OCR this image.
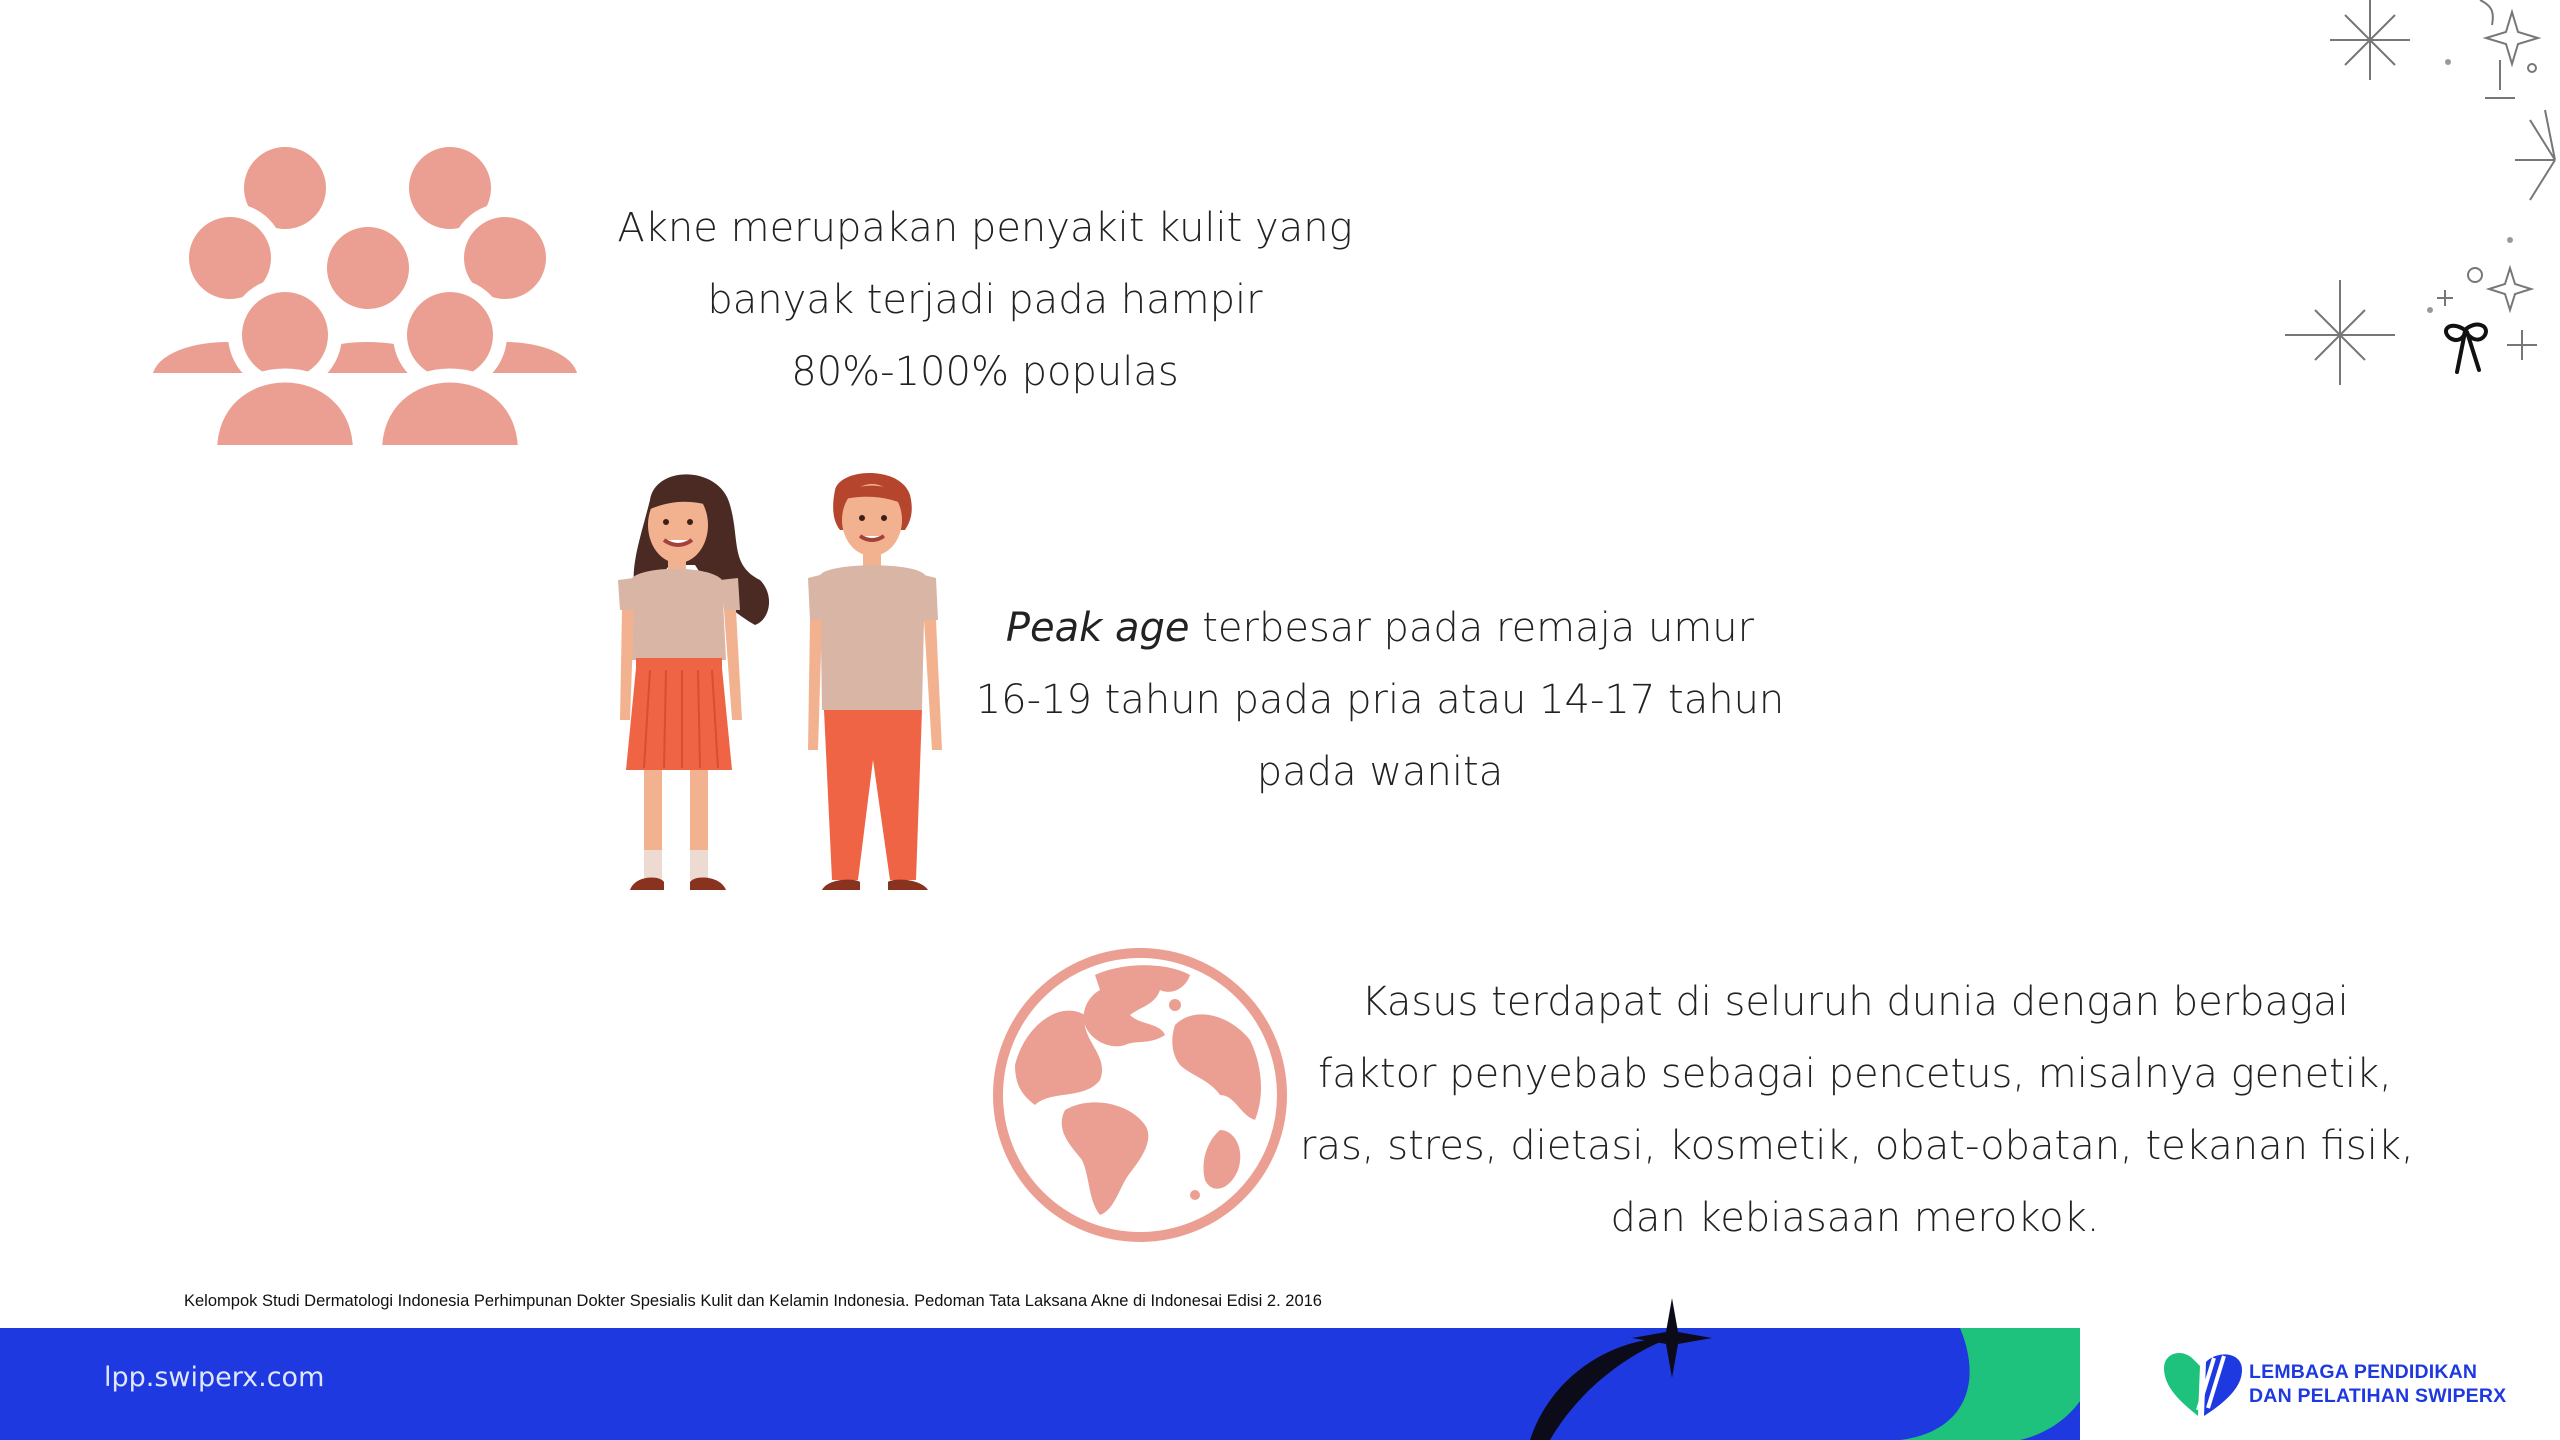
Akne merupakan penyakit kulit yang

banyak terjadi pada hampir

80%-100% populas

Peak age terbesar pada remaja umur

16-19 tahun pada pria atau 14-17 tahun

pada wanita

Kasus terdapat di seluruh dunia dengan berbagai

faktor penyebab sebagai pencetus, misalnya genetik,

ras, stres, dietasi, kosmetik, obat-obatan, tekanan fisik,

dan kebiasaan merokok.

Kelompok Studi Dermatologi Indonesia Perhimpunan Dokter Spesialis Kulit dan Kelamin Indonesia. Pedoman Tata Laksana Akne di Indonesai Edisi 2. 2016
lpp.swiperx.com	LEMBAGA PENDIDIKAN
DAN PELATIHAN SWIPERX
